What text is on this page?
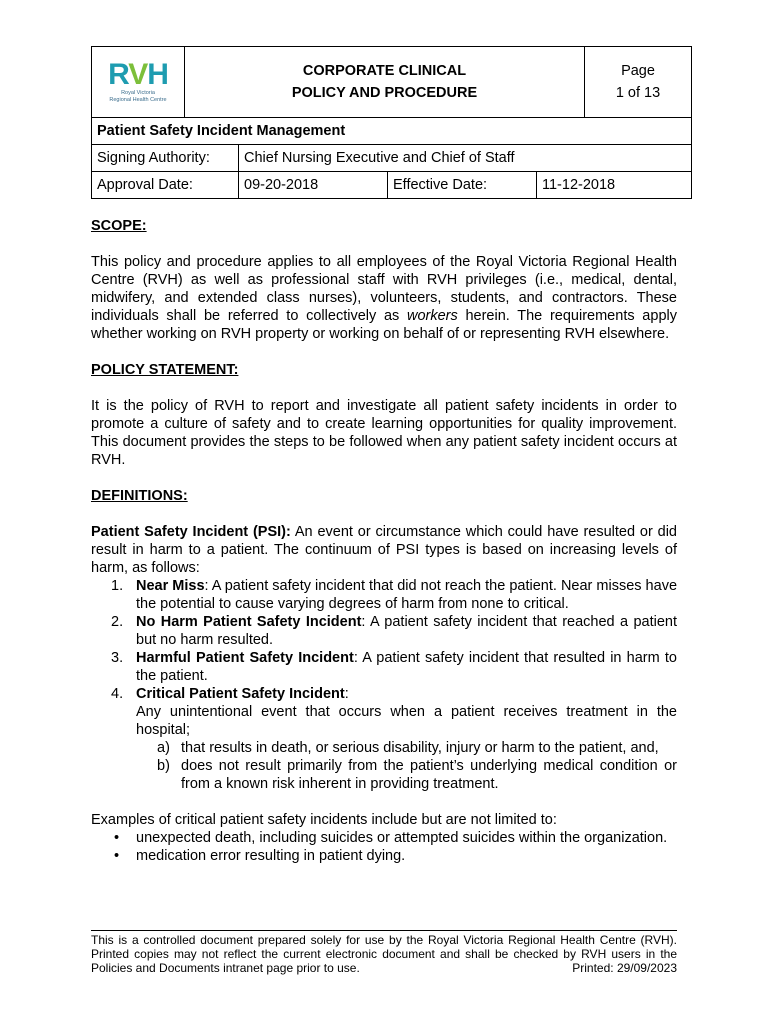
RVH
Royal Victoria
Regional Health Centre

CORPORATE CLINICAL
POLICY AND PROCEDURE

Page
1 of 13
Patient Safety Incident Management
Signing Authority:	Chief Nursing Executive and Chief of Staff
Approval Date:	09-20-2018	Effective Date:	11-12-2018
SCOPE:

This policy and procedure applies to all employees of the Royal Victoria Regional Health Centre (RVH) as well as professional staff with RVH privileges (i.e., medical, dental, midwifery, and extended class nurses), volunteers, students, and contractors. These individuals shall be referred to collectively as workers herein. The requirements apply whether working on RVH property or working on behalf of or representing RVH elsewhere.

POLICY STATEMENT:

It is the policy of RVH to report and investigate all patient safety incidents in order to promote a culture of safety and to create learning opportunities for quality improvement. This document provides the steps to be followed when any patient safety incident occurs at RVH.

DEFINITIONS:
Patient Safety Incident (PSI): An event or circumstance which could have resulted or did result in harm to a patient. The continuum of PSI types is based on increasing levels of harm, as follows:
1. Near Miss: A patient safety incident that did not reach the patient. Near misses have the potential to cause varying degrees of harm from none to critical.
2. No Harm Patient Safety Incident: A patient safety incident that reached a patient but no harm resulted.
3. Harmful Patient Safety Incident: A patient safety incident that resulted in harm to the patient.
4. Critical Patient Safety Incident:
Any unintentional event that occurs when a patient receives treatment in the hospital;
a) that results in death, or serious disability, injury or harm to the patient, and,
b) does not result primarily from the patient’s underlying medical condition or from a known risk inherent in providing treatment.
Examples of critical patient safety incidents include but are not limited to:
• unexpected death, including suicides or attempted suicides within the organization.
• medication error resulting in patient dying.
This is a controlled document prepared solely for use by the Royal Victoria Regional Health Centre (RVH). Printed copies may not reflect the current electronic document and shall be checked by RVH users in the Policies and Documents intranet page prior to use.	Printed: 29/09/2023
